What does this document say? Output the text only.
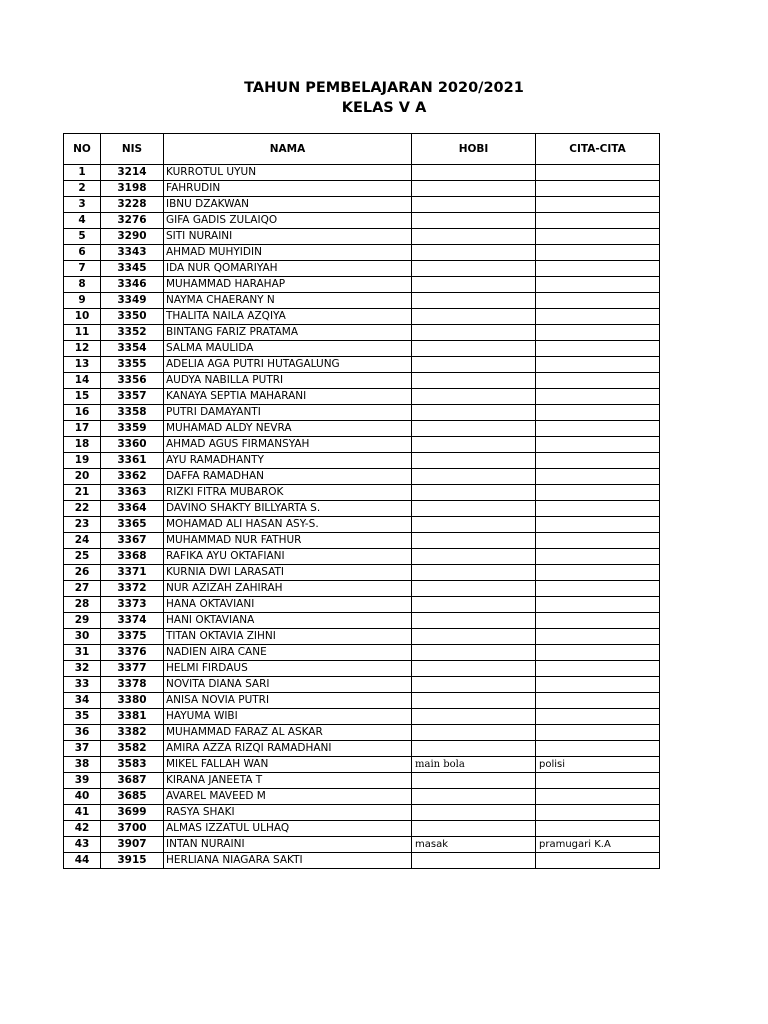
TAHUN PEMBELAJARAN 2020/2021
KELAS V A
NO	NIS	NAMA	HOBI	CITA-CITA
1	3214	KURROTUL UYUN		
2	3198	FAHRUDIN		
3	3228	IBNU DZAKWAN		
4	3276	GIFA GADIS ZULAIQO		
5	3290	SITI NURAINI		
6	3343	AHMAD MUHYIDIN		
7	3345	IDA NUR QOMARIYAH		
8	3346	MUHAMMAD HARAHAP		
9	3349	NAYMA CHAERANY N		
10	3350	THALITA NAILA AZQIYA		
11	3352	BINTANG FARIZ PRATAMA		
12	3354	SALMA MAULIDA		
13	3355	ADELIA AGA PUTRI HUTAGALUNG		
14	3356	AUDYA NABILLA PUTRI		
15	3357	KANAYA SEPTIA MAHARANI		
16	3358	PUTRI DAMAYANTI		
17	3359	MUHAMAD ALDY NEVRA		
18	3360	AHMAD AGUS FIRMANSYAH		
19	3361	AYU RAMADHANTY		
20	3362	DAFFA RAMADHAN		
21	3363	RIZKI FITRA MUBAROK		
22	3364	DAVINO SHAKTY BILLYARTA S.		
23	3365	MOHAMAD ALI HASAN ASY-S.		
24	3367	MUHAMMAD NUR FATHUR		
25	3368	RAFIKA AYU OKTAFIANI		
26	3371	KURNIA DWI LARASATI		
27	3372	NUR AZIZAH ZAHIRAH		
28	3373	HANA OKTAVIANI		
29	3374	HANI OKTAVIANA		
30	3375	TITAN OKTAVIA ZIHNI		
31	3376	NADIEN AIRA CANE		
32	3377	HELMI FIRDAUS		
33	3378	NOVITA DIANA SARI		
34	3380	ANISA NOVIA PUTRI		
35	3381	HAYUMA WIBI		
36	3382	MUHAMMAD FARAZ AL ASKAR		
37	3582	AMIRA AZZA RIZQI RAMADHANI		
38	3583	MIKEL FALLAH WAN	main bola	polisi
39	3687	KIRANA JANEETA T		
40	3685	AVAREL MAVEED M		
41	3699	RASYA SHAKI		
42	3700	ALMAS IZZATUL ULHAQ		
43	3907	INTAN NURAINI	masak	pramugari K.A
44	3915	HERLIANA NIAGARA SAKTI		
